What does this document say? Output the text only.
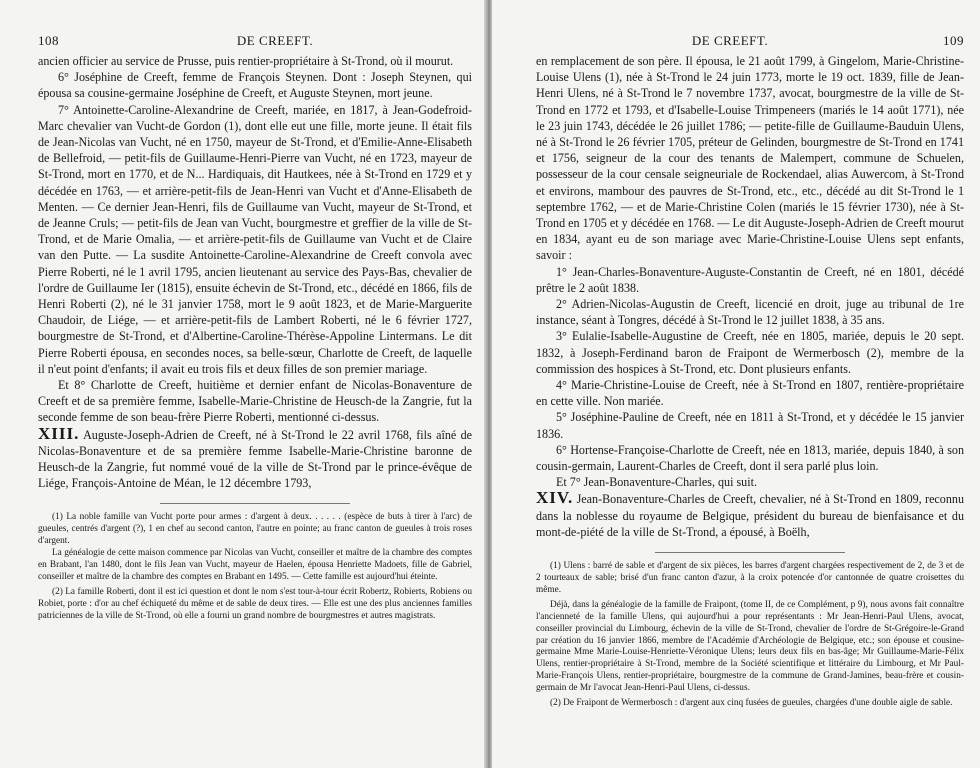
108	DE CREEFT.

ancien officier au service de Prusse, puis rentier-propriétaire à St-Trond, où il mourut.

6° Joséphine de Creeft, femme de François Steynen. Dont : Joseph Steynen, qui épousa sa cousine-germaine Joséphine de Creeft, et Auguste Steynen, mort jeune.

7° Antoinette-Caroline-Alexandrine de Creeft, mariée, en 1817, à Jean-Godefroid-Marc chevalier van Vucht-de Gordon (1), dont elle eut une fille, morte jeune. Il était fils de Jean-Nicolas van Vucht, né en 1750, mayeur de St-Trond, et d'Emilie-Anne-Elisabeth de Bellefroid, — petit-fils de Guillaume-Henri-Pierre van Vucht, né en 1723, mayeur de St-Trond, mort en 1770, et de N... Hardiquais, dit Hautkees, née à St-Trond en 1729 et y décédée en 1763, — et arrière-petit-fils de Jean-Henri van Vucht et d'Anne-Elisabeth de Menten. — Ce dernier Jean-Henri, fils de Guillaume van Vucht, mayeur de St-Trond, et de Jeanne Cruls; — petit-fils de Jean van Vucht, bourgmestre et greffier de la ville de St-Trond, et de Marie Omalia, — et arrière-petit-fils de Guillaume van Vucht et de Claire van den Putte. — La susdite Antoinette-Caroline-Alexandrine de Creeft convola avec Pierre Roberti, né le 1 avril 1795, ancien lieutenant au service des Pays-Bas, chevalier de l'ordre de Guillaume Ier (1815), ensuite échevin de St-Trond, etc., décédé en 1866, fils de Henri Roberti (2), né le 31 janvier 1758, mort le 9 août 1823, et de Marie-Marguerite Chaudoir, de Liége, — et arrière-petit-fils de Lambert Roberti, né le 6 février 1727, bourgmestre de St-Trond, et d'Albertine-Caroline-Thérèse-Appoline Lintermans. Le dit Pierre Roberti épousa, en secondes noces, sa belle-sœur, Charlotte de Creeft, de laquelle il n'eut point d'enfants; il avait eu trois fils et deux filles de son premier mariage.

Et 8° Charlotte de Creeft, huitième et dernier enfant de Nicolas-Bonaventure de Creeft et de sa première femme, Isabelle-Marie-Christine de Heusch-de la Zangrie, fut la seconde femme de son beau-frère Pierre Roberti, mentionné ci-dessus.

XIII. Auguste-Joseph-Adrien de Creeft, né à St-Trond le 22 avril 1768, fils aîné de Nicolas-Bonaventure et de sa première femme Isabelle-Marie-Christine baronne de Heusch-de la Zangrie, fut nommé voué de la ville de St-Trond par le prince-évêque de Liége, François-Antoine de Méan, le 12 décembre 1793,

(1) La noble famille van Vucht porte pour armes : d'argent à deux. . . . . . (espèce de buts à tirer à l'arc) de gueules, centrés d'argent (?), 1 en chef au second canton, l'autre en pointe; au franc canton de gueules à trois roses d'argent.

La généalogie de cette maison commence par Nicolas van Vucht, conseiller et maître de la chambre des comptes en Brabant, l'an 1480, dont le fils Jean van Vucht, mayeur de Haelen, épousa Henriette Madoets, fille de Gabriel, conseiller et maître de la chambre des comptes en Brabant en 1495. — Cette famille est aujourd'hui éteinte.

(2) La famille Roberti, dont il est ici question et dont le nom s'est tour-à-tour écrit Robertz, Robierts, Robiens ou Robiet, porte : d'or au chef échiqueté du même et de sable de deux tires. — Elle est une des plus anciennes familles patriciennes de la ville de St-Trond, où elle a fourni un grand nombre de bourgmestres et autres magistrats.

DE CREEFT.	109

en remplacement de son père. Il épousa, le 21 août 1799, à Gingelom, Marie-Christine-Louise Ulens (1), née à St-Trond le 24 juin 1773, morte le 19 oct. 1839, fille de Jean-Henri Ulens, né à St-Trond le 7 novembre 1737, avocat, bourgmestre de la ville de St-Trond en 1772 et 1793, et d'Isabelle-Louise Trimpeneers (mariés le 14 août 1771), née le 23 juin 1743, décédée le 26 juillet 1786; — petite-fille de Guillaume-Bauduin Ulens, né à St-Trond le 26 février 1705, préteur de Gelinden, bourgmestre de St-Trond en 1741 et 1756, seigneur de la cour des tenants de Malempert, commune de Schuelen, possesseur de la cour censale seigneuriale de Rockendael, alias Auwercom, à St-Trond et environs, mambour des pauvres de St-Trond, etc., etc., décédé au dit St-Trond le 1 septembre 1762, — et de Marie-Christine Colen (mariés le 15 février 1730), née à St-Trond en 1705 et y décédée en 1768. — Le dit Auguste-Joseph-Adrien de Creeft mourut en 1834, ayant eu de son mariage avec Marie-Christine-Louise Ulens sept enfants, savoir :

1° Jean-Charles-Bonaventure-Auguste-Constantin de Creeft, né en 1801, décédé prêtre le 2 août 1838.

2° Adrien-Nicolas-Augustin de Creeft, licencié en droit, juge au tribunal de 1re instance, séant à Tongres, décédé à St-Trond le 12 juillet 1838, à 35 ans.

3° Eulalie-Isabelle-Augustine de Creeft, née en 1805, mariée, depuis le 20 sept. 1832, à Joseph-Ferdinand baron de Fraipont de Wermerbosch (2), membre de la commission des hospices à St-Trond, etc. Dont plusieurs enfants.

4° Marie-Christine-Louise de Creeft, née à St-Trond en 1807, rentière-propriétaire en cette ville. Non mariée.

5° Joséphine-Pauline de Creeft, née en 1811 à St-Trond, et y décédée le 15 janvier 1836.

6° Hortense-Françoise-Charlotte de Creeft, née en 1813, mariée, depuis 1840, à son cousin-germain, Laurent-Charles de Creeft, dont il sera parlé plus loin.

Et 7° Jean-Bonaventure-Charles, qui suit.

XIV. Jean-Bonaventure-Charles de Creeft, chevalier, né à St-Trond en 1809, reconnu dans la noblesse du royaume de Belgique, président du bureau de bienfaisance et du mont-de-piété de la ville de St-Trond, a épousé, à Boëlh,

(1) Ulens : barré de sable et d'argent de six pièces, les barres d'argent chargées respectivement de 2, de 3 et de 2 tourteaux de sable; brisé d'un franc canton d'azur, à la croix potencée d'or cantonnée de quatre croisettes du même.

Déjà, dans la généalogie de la famille de Fraipont, (tome II, de ce Complément, p 9), nous avons fait connaître l'ancienneté de la famille Ulens, qui aujourd'hui a pour représentants : Mr Jean-Henri-Paul Ulens, avocat, conseiller provincial du Limbourg, échevin de la ville de St-Trond, chevalier de l'ordre de St-Grégoire-le-Grand par création du 16 janvier 1866, membre de l'Académie d'Archéologie de Belgique, etc.; son épouse et cousine-germaine Mme Marie-Louise-Henriette-Véronique Ulens; leurs deux fils en bas-âge; Mr Guillaume-Marie-Félix Ulens, rentier-propriétaire à St-Trond, membre de la Société scientifique et littéraire du Limbourg, et Mr Paul-Marie-François Ulens, rentier-propriétaire, bourgmestre de la commune de Grand-Jamines, beau-frère et cousin-germain de Mr l'avocat Jean-Henri-Paul Ulens, ci-dessus.

(2) De Fraipont de Wermerbosch : d'argent aux cinq fusées de gueules, chargées d'une double aigle de sable.
